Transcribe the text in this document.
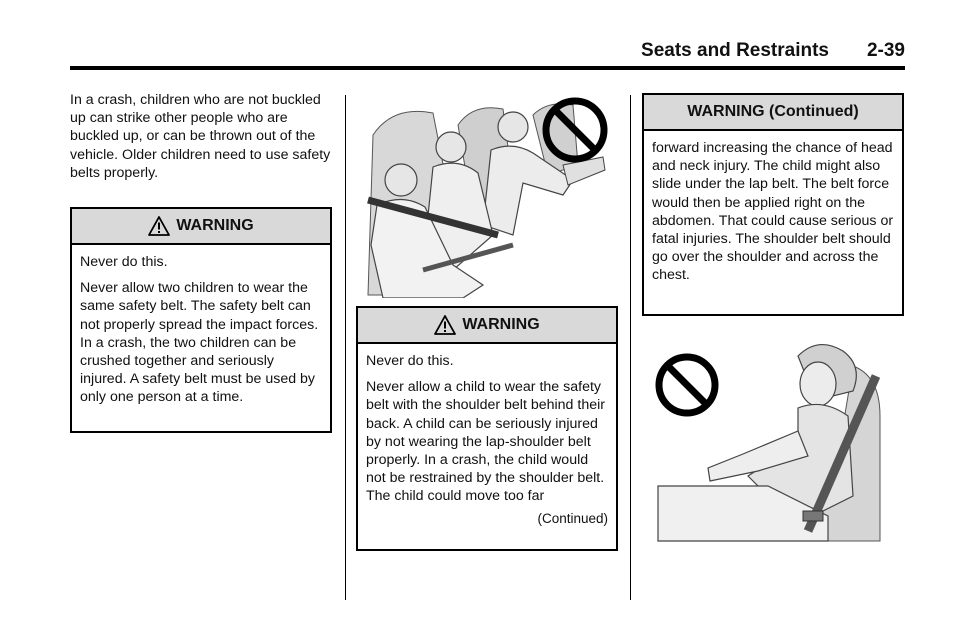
Seats and Restraints 2-39

In a crash, children who are not buckled up can strike other people who are buckled up, or can be thrown out of the vehicle. Older children need to use safety belts properly.

WARNING

Never do this.

Never allow two children to wear the same safety belt. The safety belt can not properly spread the impact forces. In a crash, the two children can be crushed together and seriously injured. A safety belt must be used by only one person at a time.

WARNING

Never do this.

Never allow a child to wear the safety belt with the shoulder belt behind their back. A child can be seriously injured by not wearing the lap-shoulder belt properly. In a crash, the child would not be restrained by the shoulder belt. The child could move too far

(Continued)
WARNING (Continued)

forward increasing the chance of head and neck injury. The child might also slide under the lap belt. The belt force would then be applied right on the abdomen. That could cause serious or fatal injuries. The shoulder belt should go over the shoulder and across the chest.
